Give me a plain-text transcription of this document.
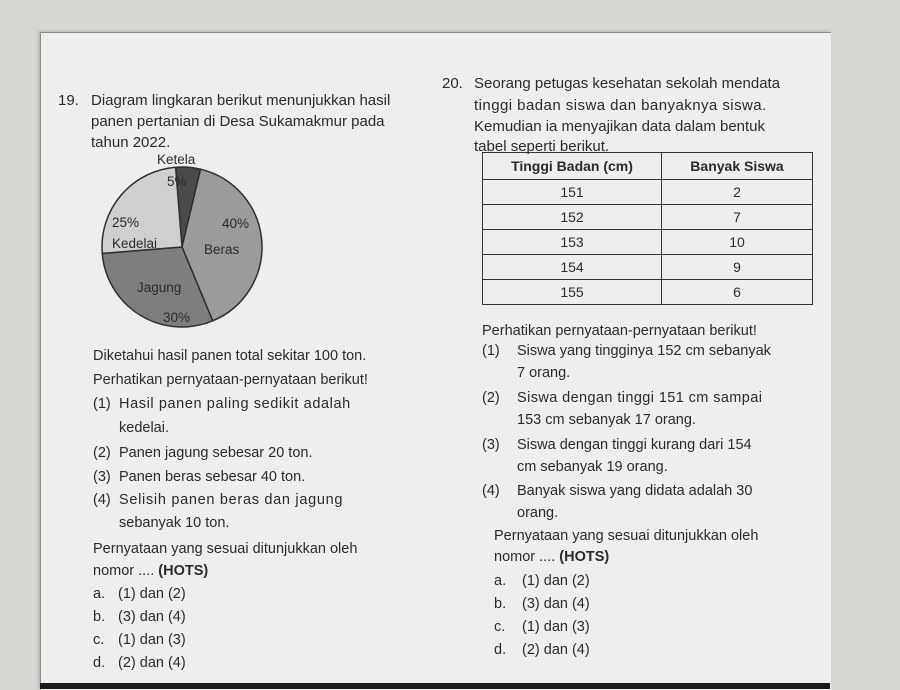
19. Diagram lingkaran berikut menunjukkan hasil
panen pertanian di Desa Sukamakmur pada
tahun 2022.
Ketela
5%
40%
Beras
25%
Kedelai
Jagung
30%
Diketahui hasil panen total sekitar 100 ton.
Perhatikan pernyataan-pernyataan berikut!
(1) Hasil panen paling sedikit adalah
kedelai.
(2) Panen jagung sebesar 20 ton.
(3) Panen beras sebesar 40 ton.
(4) Selisih panen beras dan jagung
sebanyak 10 ton.
Pernyataan yang sesuai ditunjukkan oleh
nomor .... (HOTS)
a. (1) dan (2)
b. (3) dan (4)
c. (1) dan (3)
d. (2) dan (4)
20. Seorang petugas kesehatan sekolah mendata
tinggi badan siswa dan banyaknya siswa.
Kemudian ia menyajikan data dalam bentuk
tabel seperti berikut.
Tinggi Badan (cm)	Banyak Siswa
151	2
152	7
153	10
154	9
155	6
Perhatikan pernyataan-pernyataan berikut!
(1) Siswa yang tingginya 152 cm sebanyak
7 orang.
(2) Siswa dengan tinggi 151 cm sampai
153 cm sebanyak 17 orang.
(3) Siswa dengan tinggi kurang dari 154
cm sebanyak 19 orang.
(4) Banyak siswa yang didata adalah 30
orang.
Pernyataan yang sesuai ditunjukkan oleh
nomor .... (HOTS)
a. (1) dan (2)
b. (3) dan (4)
c. (1) dan (3)
d. (2) dan (4)
